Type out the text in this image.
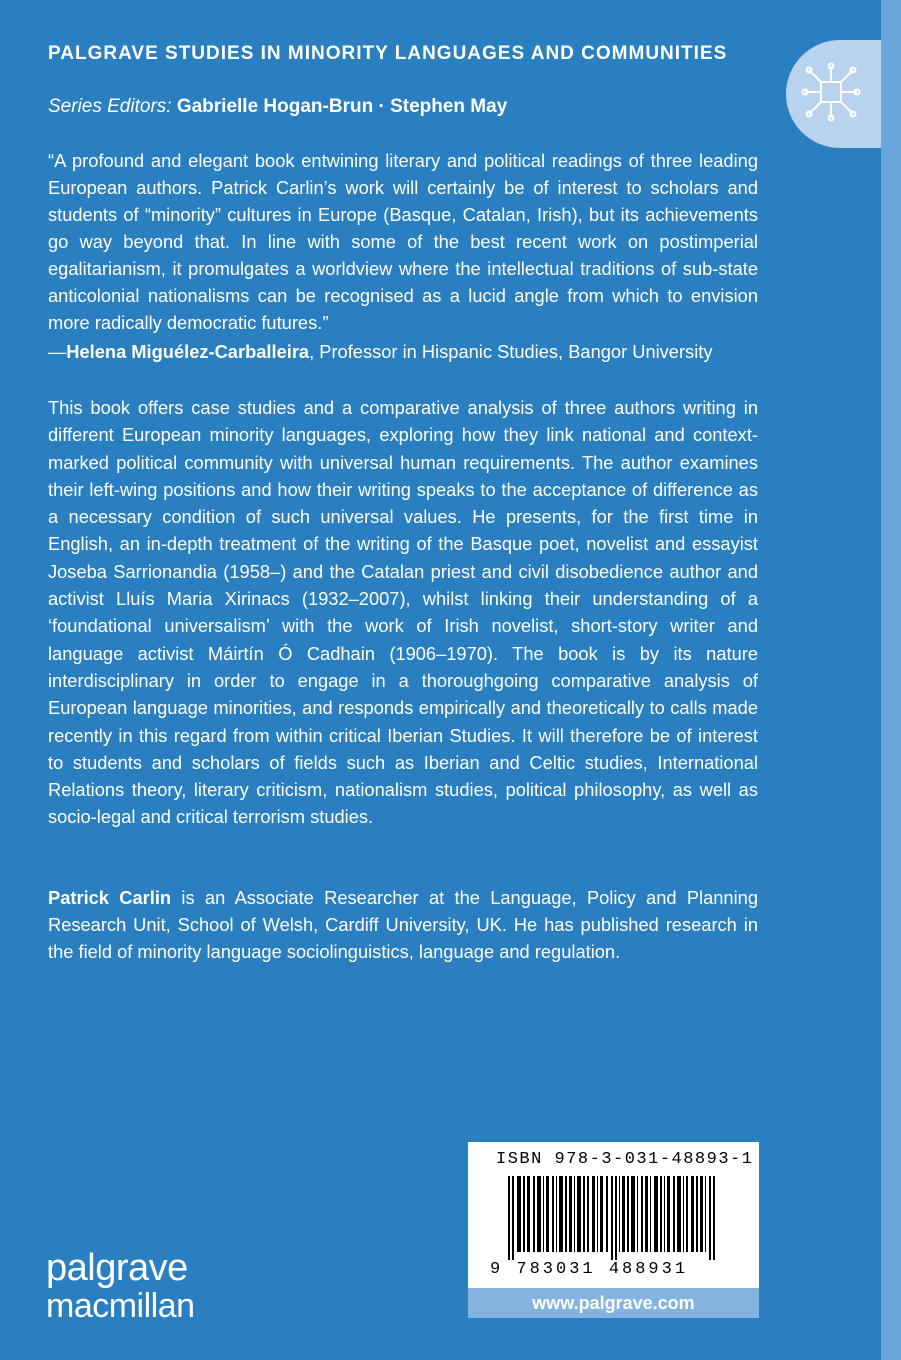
PALGRAVE STUDIES IN MINORITY LANGUAGES AND COMMUNITIES
Series Editors: Gabrielle Hogan-Brun · Stephen May
“A profound and elegant book entwining literary and political readings of three leading European authors. Patrick Carlin’s work will certainly be of interest to scholars and students of “minority” cultures in Europe (Basque, Catalan, Irish), but its achievements go way beyond that. In line with some of the best recent work on postimperial egalitarianism, it promulgates a worldview where the intellectual traditions of sub-state anticolonial nationalisms can be recognised as a lucid angle from which to envision more radically democratic futures.”
—Helena Miguélez-Carballeira, Professor in Hispanic Studies, Bangor University
This book offers case studies and a comparative analysis of three authors writing in different European minority languages, exploring how they link national and context-marked political community with universal human requirements. The author examines their left-wing positions and how their writing speaks to the acceptance of difference as a necessary condition of such universal values. He presents, for the first time in English, an in-depth treatment of the writing of the Basque poet, novelist and essayist Joseba Sarrionandia (1958–) and the Catalan priest and civil disobedience author and activist Lluís Maria Xirinacs (1932–2007), whilst linking their understanding of a ‘foundational universalism’ with the work of Irish novelist, short-story writer and language activist Máirtín Ó Cadhain (1906–1970). The book is by its nature interdisciplinary in order to engage in a thoroughgoing comparative analysis of European language minorities, and responds empirically and theoretically to calls made recently in this regard from within critical Iberian Studies. It will therefore be of interest to students and scholars of fields such as Iberian and Celtic studies, International Relations theory, literary criticism, nationalism studies, political philosophy, as well as socio-legal and critical terrorism studies.
Patrick Carlin is an Associate Researcher at the Language, Policy and Planning Research Unit, School of Welsh, Cardiff University, UK. He has published research in the field of minority language sociolinguistics, language and regulation.
ISBN 978-3-031-48893-1
9 783031 488931
www.palgrave.com
palgrave
macmillan
